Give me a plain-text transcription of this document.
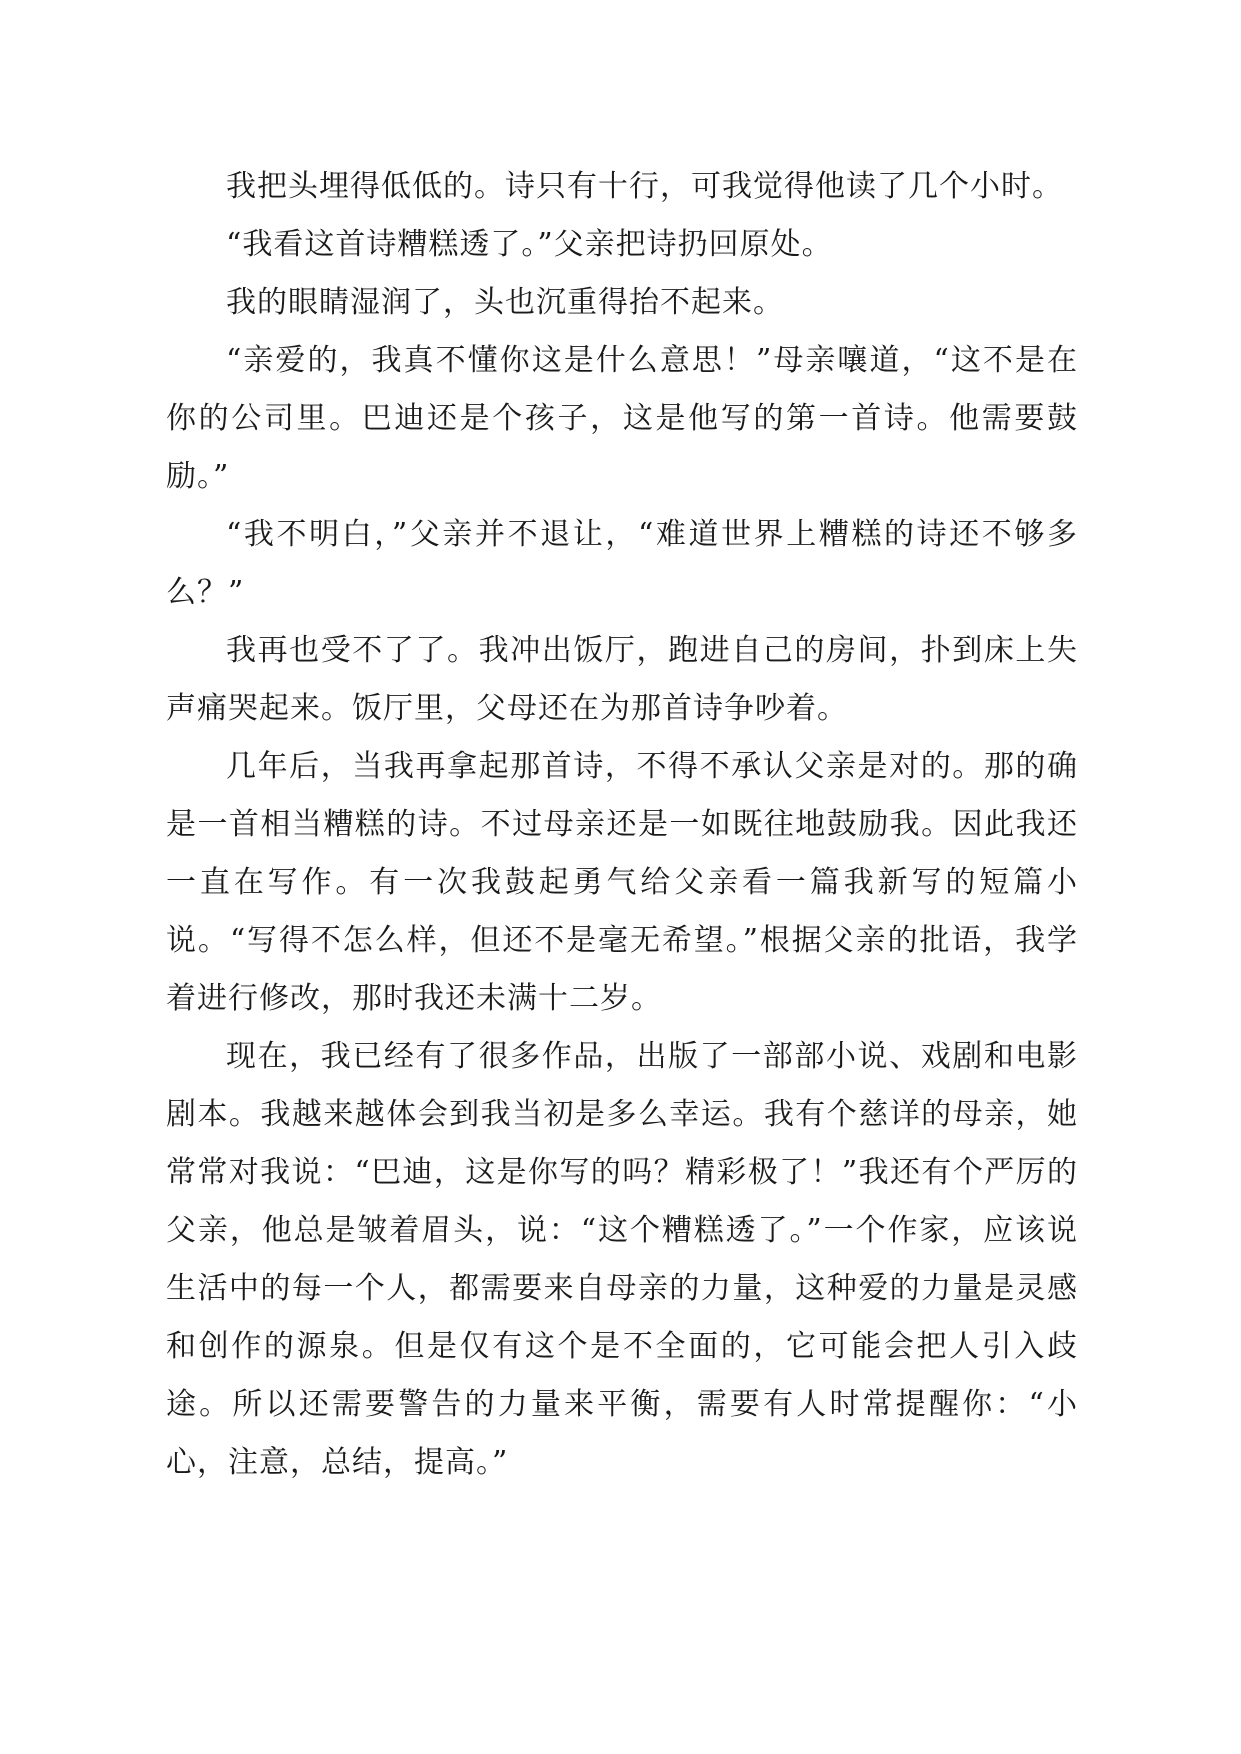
我把头埋得低低的。诗只有十行，可我觉得他读了几个小时。

“我看这首诗糟糕透了。”父亲把诗扔回原处。

我的眼睛湿润了，头也沉重得抬不起来。

“亲爱的，我真不懂你这是什么意思！”母亲嚷道，“这不是在你的公司里。巴迪还是个孩子，这是他写的第一首诗。他需要鼓励。”

“我不明白，”父亲并不退让，“难道世界上糟糕的诗还不够多么？”

我再也受不了了。我冲出饭厅，跑进自己的房间，扑到床上失声痛哭起来。饭厅里，父母还在为那首诗争吵着。

几年后，当我再拿起那首诗，不得不承认父亲是对的。那的确是一首相当糟糕的诗。不过母亲还是一如既往地鼓励我。因此我还一直在写作。有一次我鼓起勇气给父亲看一篇我新写的短篇小说。“写得不怎么样，但还不是毫无希望。”根据父亲的批语，我学着进行修改，那时我还未满十二岁。

现在，我已经有了很多作品，出版了一部部小说、戏剧和电影剧本。我越来越体会到我当初是多么幸运。我有个慈详的母亲，她常常对我说：“巴迪，这是你写的吗？精彩极了！”我还有个严厉的父亲，他总是皱着眉头，说：“这个糟糕透了。”一个作家，应该说生活中的每一个人，都需要来自母亲的力量，这种爱的力量是灵感和创作的源泉。但是仅有这个是不全面的，它可能会把人引入歧途。所以还需要警告的力量来平衡，需要有人时常提醒你：“小心，注意，总结，提高。”
